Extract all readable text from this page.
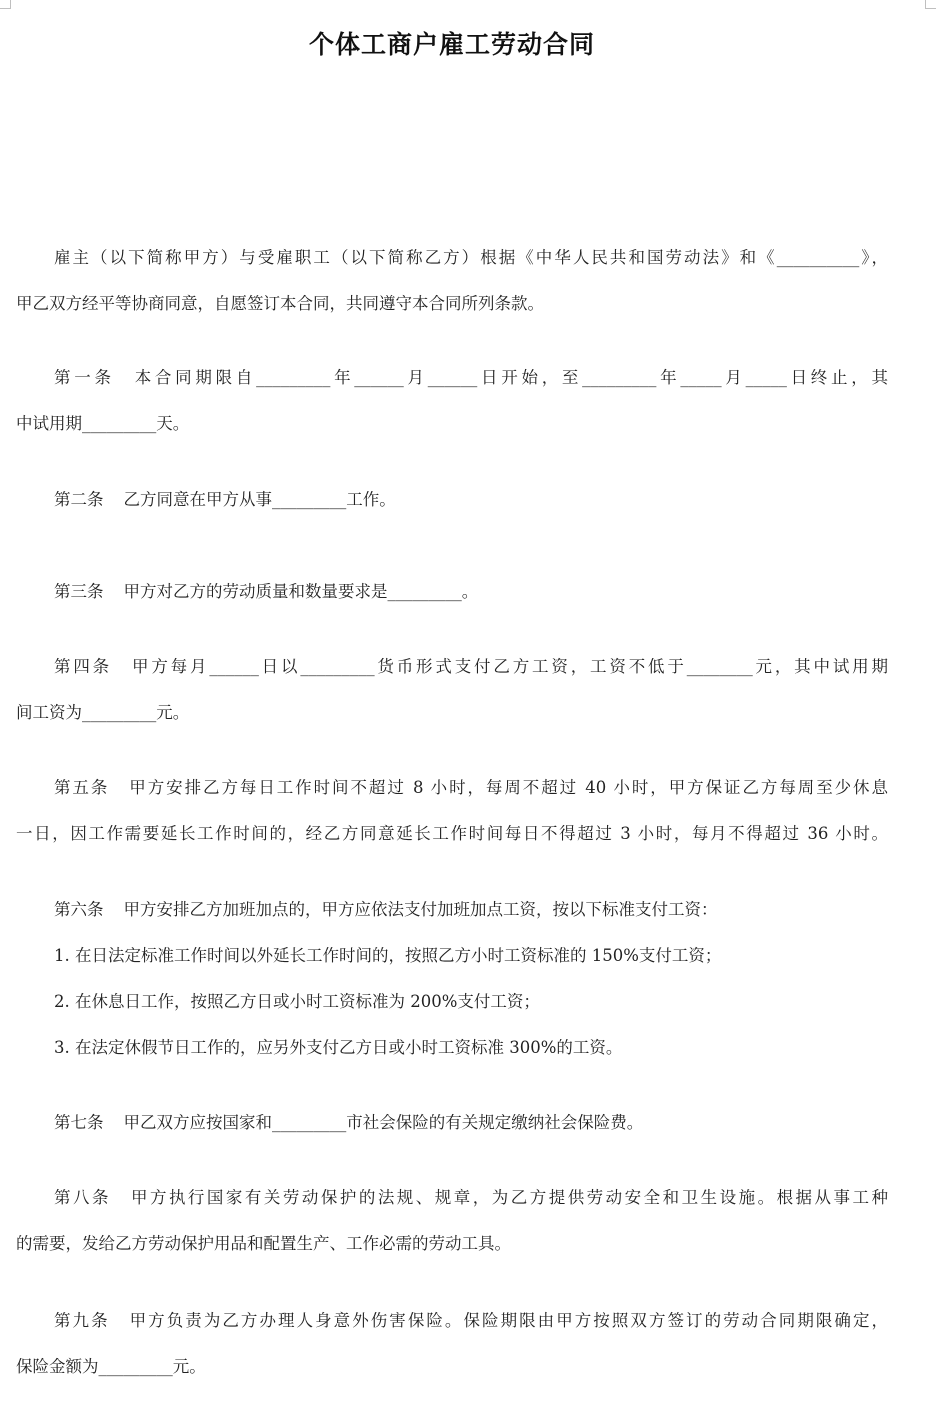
个体工商户雇工劳动合同
雇主（以下简称甲方）与受雇职工（以下简称乙方）根据《中华人民共和国劳动法》和《__________》，
甲乙双方经平等协商同意，自愿签订本合同，共同遵守本合同所列条款。
第一条 本合同期限自_________年______月______日开始，至_________年_____月_____日终止，其
中试用期_________天。
第二条 乙方同意在甲方从事_________工作。
第三条 甲方对乙方的劳动质量和数量要求是_________。
第四条 甲方每月______日以_________货币形式支付乙方工资，工资不低于________元，其中试用期
间工资为_________元。
第五条 甲方安排乙方每日工作时间不超过 8 小时，每周不超过 40 小时，甲方保证乙方每周至少休息
一日，因工作需要延长工作时间的，经乙方同意延长工作时间每日不得超过 3 小时，每月不得超过 36 小时。
第六条 甲方安排乙方加班加点的，甲方应依法支付加班加点工资，按以下标准支付工资：
1. 在日法定标准工作时间以外延长工作时间的，按照乙方小时工资标准的 150%支付工资；
2. 在休息日工作，按照乙方日或小时工资标准为 200%支付工资；
3. 在法定休假节日工作的，应另外支付乙方日或小时工资标准 300%的工资。
第七条 甲乙双方应按国家和_________市社会保险的有关规定缴纳社会保险费。
第八条 甲方执行国家有关劳动保护的法规、规章，为乙方提供劳动安全和卫生设施。根据从事工种
的需要，发给乙方劳动保护用品和配置生产、工作必需的劳动工具。
第九条 甲方负责为乙方办理人身意外伤害保险。保险期限由甲方按照双方签订的劳动合同期限确定，
保险金额为_________元。
